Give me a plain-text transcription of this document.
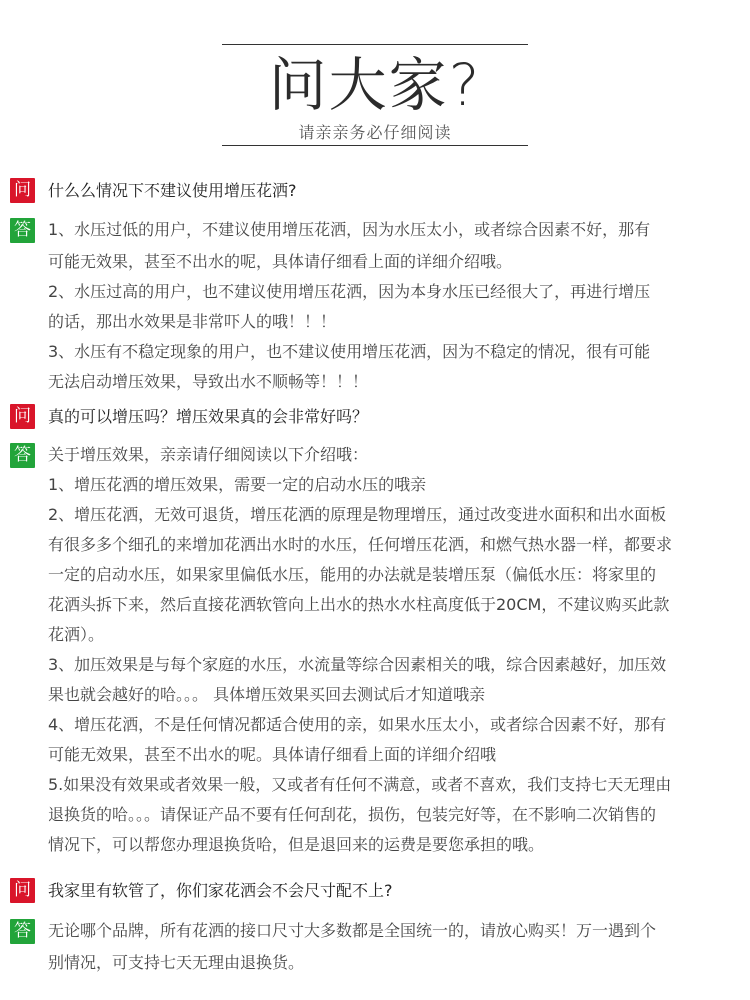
问大家?
请亲亲务必仔细阅读
问 什么么情况下不建议使用增压花洒?
答 1、水压过低的用户，不建议使用增压花洒，因为水压太小，或者综合因素不好，那有
可能无效果，甚至不出水的呢，具体请仔细看上面的详细介绍哦。
2、水压过高的用户，也不建议使用增压花洒，因为本身水压已经很大了，再进行增压
的话，那出水效果是非常吓人的哦！！！
3、水压有不稳定现象的用户，也不建议使用增压花洒，因为不稳定的情况，很有可能
无法启动增压效果，导致出水不顺畅等！！！
问 真的可以增压吗？增压效果真的会非常好吗？
答 关于增压效果，亲亲请仔细阅读以下介绍哦：
1、增压花洒的增压效果，需要一定的启动水压的哦亲
2、增压花洒，无效可退货，增压花洒的原理是物理增压，通过改变进水面积和出水面板
有很多多个细孔的来增加花洒出水时的水压，任何增压花洒，和燃气热水器一样，都要求
一定的启动水压，如果家里偏低水压，能用的办法就是装增压泵（偏低水压：将家里的
花洒头拆下来，然后直接花洒软管向上出水的热水水柱高度低于20CM，不建议购买此款
花洒）。
3、加压效果是与每个家庭的水压，水流量等综合因素相关的哦，综合因素越好，加压效
果也就会越好的哈。。。 具体增压效果买回去测试后才知道哦亲
4、增压花洒，不是任何情况都适合使用的亲，如果水压太小，或者综合因素不好，那有
可能无效果，甚至不出水的呢。具体请仔细看上面的详细介绍哦
5.如果没有效果或者效果一般，又或者有任何不满意，或者不喜欢，我们支持七天无理由
退换货的哈。。。请保证产品不要有任何刮花，损伤，包装完好等，在不影响二次销售的
情况下，可以帮您办理退换货哈，但是退回来的运费是要您承担的哦。
问 我家里有软管了，你们家花洒会不会尺寸配不上?
答 无论哪个品牌，所有花洒的接口尺寸大多数都是全国统一的，请放心购买！万一遇到个
别情况，可支持七天无理由退换货。
